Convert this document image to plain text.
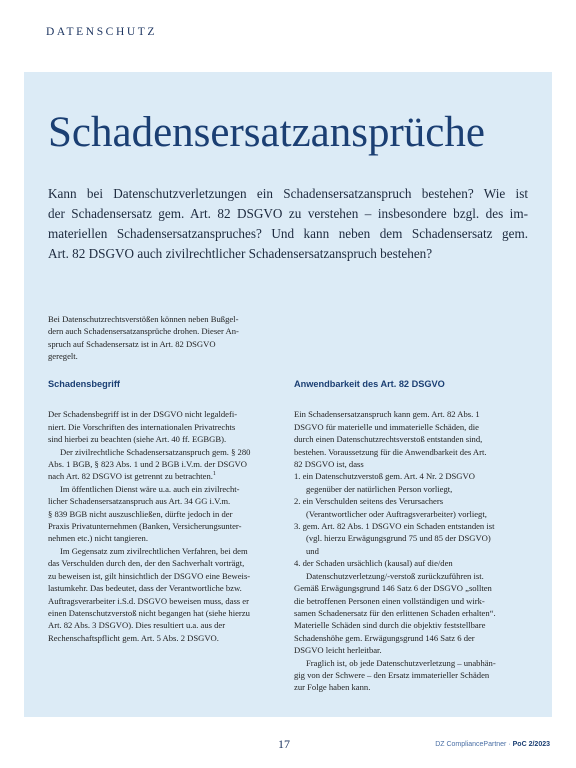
DATENSCHUTZ
Schadensersatzansprüche
Kann bei Datenschutzverletzungen ein Schadensersatzanspruch bestehen? Wie ist
der Schadensersatz gem. Art. 82 DSGVO zu verstehen – insbesondere bzgl. des im-
materiellen Schadensersatzanspruches? Und kann neben dem Schadensersatz gem.
Art. 82 DSGVO auch zivilrechtlicher Schadensersatzanspruch bestehen?
Bei Datenschutzrechtsverstößen können neben Bußgel-
dern auch Schadensersatzansprüche drohen. Dieser An-
spruch auf Schadensersatz ist in Art. 82 DSGVO
geregelt.
Schadensbegriff
Der Schadensbegriff ist in der DSGVO nicht legaldefi-
niert. Die Vorschriften des internationalen Privatrechts
sind hierbei zu beachten (siehe Art. 40 ff. EGBGB).
Der zivilrechtliche Schadensersatzanspruch gem. § 280
Abs. 1 BGB, § 823 Abs. 1 und 2 BGB i.V.m. der DSGVO
nach Art. 82 DSGVO ist getrennt zu betrachten.$^1$
Im öffentlichen Dienst wäre u.a. auch ein zivilrecht-
licher Schadensersatzanspruch aus Art. 34 GG i.V.m.
§ 839 BGB nicht auszuschließen, dürfte jedoch in der
Praxis Privatunternehmen (Banken, Versicherungsunter-
nehmen etc.) nicht tangieren.
Im Gegensatz zum zivilrechtlichen Verfahren, bei dem
das Verschulden durch den, der den Sachverhalt vorträgt,
zu beweisen ist, gilt hinsichtlich der DSGVO eine Beweis-
lastumkehr. Das bedeutet, dass der Verantwortliche bzw.
Auftragsverarbeiter i.S.d. DSGVO beweisen muss, dass er
einen Datenschutzverstoß nicht begangen hat (siehe hierzu
Art. 82 Abs. 3 DSGVO). Dies resultiert u.a. aus der
Rechenschaftspflicht gem. Art. 5 Abs. 2 DSGVO.
Anwendbarkeit des Art. 82 DSGVO
Ein Schadensersatzanspruch kann gem. Art. 82 Abs. 1
DSGVO für materielle und immaterielle Schäden, die
durch einen Datenschutzrechtsverstoß entstanden sind,
bestehen. Voraussetzung für die Anwendbarkeit des Art.
82 DSGVO ist, dass
1. ein Datenschutzverstoß gem. Art. 4 Nr. 2 DSGVO
gegenüber der natürlichen Person vorliegt,
2. ein Verschulden seitens des Verursachers
(Verantwortlicher oder Auftragsverarbeiter) vorliegt,
3. gem. Art. 82 Abs. 1 DSGVO ein Schaden entstanden ist
(vgl. hierzu Erwägungsgrund 75 und 85 der DSGVO)
und
4. der Schaden ursächlich (kausal) auf die/den
Datenschutzverletzung/-verstoß zurückzuführen ist.
Gemäß Erwägungsgrund 146 Satz 6 der DSGVO „sollten
die betroffenen Personen einen vollständigen und wirk-
samen Schadenersatz für den erlittenen Schaden erhalten“.
Materielle Schäden sind durch die objektiv feststellbare
Schadenshöhe gem. Erwägungsgrund 146 Satz 6 der
DSGVO leicht herleitbar.
Fraglich ist, ob jede Datenschutzverletzung – unabhän-
gig von der Schwere – den Ersatz immaterieller Schäden
zur Folge haben kann.
17	DZ CompliancePartner · PoC 2/2023
